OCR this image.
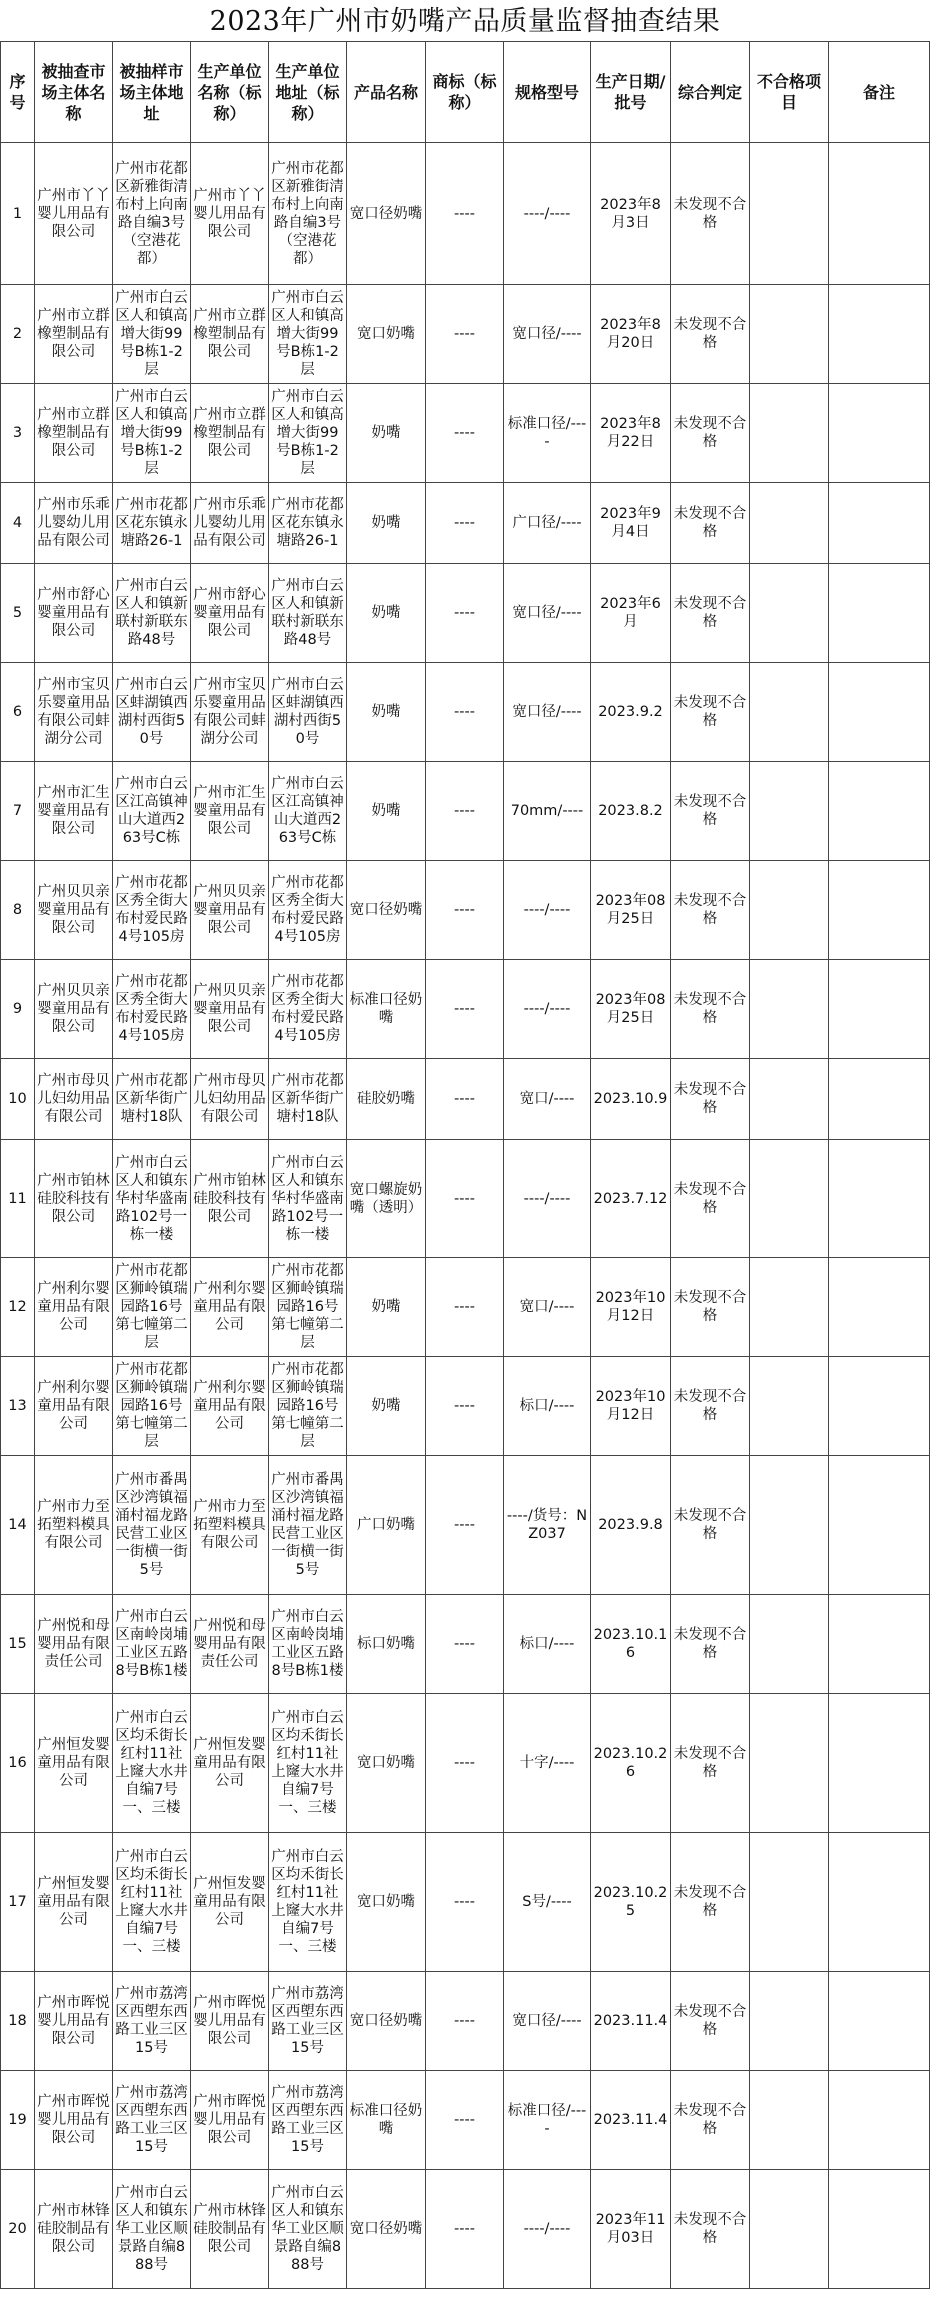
2023年广州市奶嘴产品质量监督抽查结果
序号	被抽查市场主体名称	被抽样市场主体地址	生产单位名称（标称）	生产单位地址（标称）	产品名称	商标（标称）	规格型号	生产日期/批号	综合判定	不合格项目	备注
1	广州市丫丫婴儿用品有限公司	广州市花都区新雅街清布村上向南路自编3号（空港花都）	广州市丫丫婴儿用品有限公司	广州市花都区新雅街清布村上向南路自编3号（空港花都）	宽口径奶嘴	----	----/----	2023年8月3日	未发现不合格		
2	广州市立群橡塑制品有限公司	广州市白云区人和镇高增大街99号B栋1-2层	广州市立群橡塑制品有限公司	广州市白云区人和镇高增大街99号B栋1-2层	宽口奶嘴	----	宽口径/----	2023年8月20日	未发现不合格		
3	广州市立群橡塑制品有限公司	广州市白云区人和镇高增大街99号B栋1-2层	广州市立群橡塑制品有限公司	广州市白云区人和镇高增大街99号B栋1-2层	奶嘴	----	标准口径/----	2023年8月22日	未发现不合格		
4	广州市乐乖儿婴幼儿用品有限公司	广州市花都区花东镇永塘路26-1	广州市乐乖儿婴幼儿用品有限公司	广州市花都区花东镇永塘路26-1	奶嘴	----	广口径/----	2023年9月4日	未发现不合格		
5	广州市舒心婴童用品有限公司	广州市白云区人和镇新联村新联东路48号	广州市舒心婴童用品有限公司	广州市白云区人和镇新联村新联东路48号	奶嘴	----	宽口径/----	2023年6月	未发现不合格		
6	广州市宝贝乐婴童用品有限公司蚌湖分公司	广州市白云区蚌湖镇西湖村西街50号	广州市宝贝乐婴童用品有限公司蚌湖分公司	广州市白云区蚌湖镇西湖村西街50号	奶嘴	----	宽口径/----	2023.9.2	未发现不合格		
7	广州市汇生婴童用品有限公司	广州市白云区江高镇神山大道西263号C栋	广州市汇生婴童用品有限公司	广州市白云区江高镇神山大道西263号C栋	奶嘴	----	70mm/----	2023.8.2	未发现不合格		
8	广州贝贝亲婴童用品有限公司	广州市花都区秀全街大布村爱民路4号105房	广州贝贝亲婴童用品有限公司	广州市花都区秀全街大布村爱民路4号105房	宽口径奶嘴	----	----/----	2023年08月25日	未发现不合格		
9	广州贝贝亲婴童用品有限公司	广州市花都区秀全街大布村爱民路4号105房	广州贝贝亲婴童用品有限公司	广州市花都区秀全街大布村爱民路4号105房	标准口径奶嘴	----	----/----	2023年08月25日	未发现不合格		
10	广州市母贝儿妇幼用品有限公司	广州市花都区新华街广塘村18队	广州市母贝儿妇幼用品有限公司	广州市花都区新华街广塘村18队	硅胶奶嘴	----	宽口/----	2023.10.9	未发现不合格		
11	广州市铂林硅胶科技有限公司	广州市白云区人和镇东华村华盛南路102号一栋一楼	广州市铂林硅胶科技有限公司	广州市白云区人和镇东华村华盛南路102号一栋一楼	宽口螺旋奶嘴（透明）	----	----/----	2023.7.12	未发现不合格		
12	广州利尔婴童用品有限公司	广州市花都区狮岭镇瑞园路16号第七幢第二层	广州利尔婴童用品有限公司	广州市花都区狮岭镇瑞园路16号第七幢第二层	奶嘴	----	宽口/----	2023年10月12日	未发现不合格		
13	广州利尔婴童用品有限公司	广州市花都区狮岭镇瑞园路16号第七幢第二层	广州利尔婴童用品有限公司	广州市花都区狮岭镇瑞园路16号第七幢第二层	奶嘴	----	标口/----	2023年10月12日	未发现不合格		
14	广州市力至拓塑料模具有限公司	广州市番禺区沙湾镇福涌村福龙路民营工业区一街横一街5号	广州市力至拓塑料模具有限公司	广州市番禺区沙湾镇福涌村福龙路民营工业区一街横一街5号	广口奶嘴	----	----/货号：NZ037	2023.9.8	未发现不合格		
15	广州悦和母婴用品有限责任公司	广州市白云区南岭岗埔工业区五路8号B栋1楼	广州悦和母婴用品有限责任公司	广州市白云区南岭岗埔工业区五路8号B栋1楼	标口奶嘴	----	标口/----	2023.10.16	未发现不合格		
16	广州恒发婴童用品有限公司	广州市白云区均禾街长红村11社上窿大水井自编7号一、三楼	广州恒发婴童用品有限公司	广州市白云区均禾街长红村11社上窿大水井自编7号一、三楼	宽口奶嘴	----	十字/----	2023.10.26	未发现不合格		
17	广州恒发婴童用品有限公司	广州市白云区均禾街长红村11社上窿大水井自编7号一、三楼	广州恒发婴童用品有限公司	广州市白云区均禾街长红村11社上窿大水井自编7号一、三楼	宽口奶嘴	----	S号/----	2023.10.25	未发现不合格		
18	广州市晖悦婴儿用品有限公司	广州市荔湾区西塱东西路工业三区15号	广州市晖悦婴儿用品有限公司	广州市荔湾区西塱东西路工业三区15号	宽口径奶嘴	----	宽口径/----	2023.11.4	未发现不合格		
19	广州市晖悦婴儿用品有限公司	广州市荔湾区西塱东西路工业三区15号	广州市晖悦婴儿用品有限公司	广州市荔湾区西塱东西路工业三区15号	标准口径奶嘴	----	标准口径/----	2023.11.4	未发现不合格		
20	广州市林锋硅胶制品有限公司	广州市白云区人和镇东华工业区顺景路自编888号	广州市林锋硅胶制品有限公司	广州市白云区人和镇东华工业区顺景路自编888号	宽口径奶嘴	----	----/----	2023年11月03日	未发现不合格		
